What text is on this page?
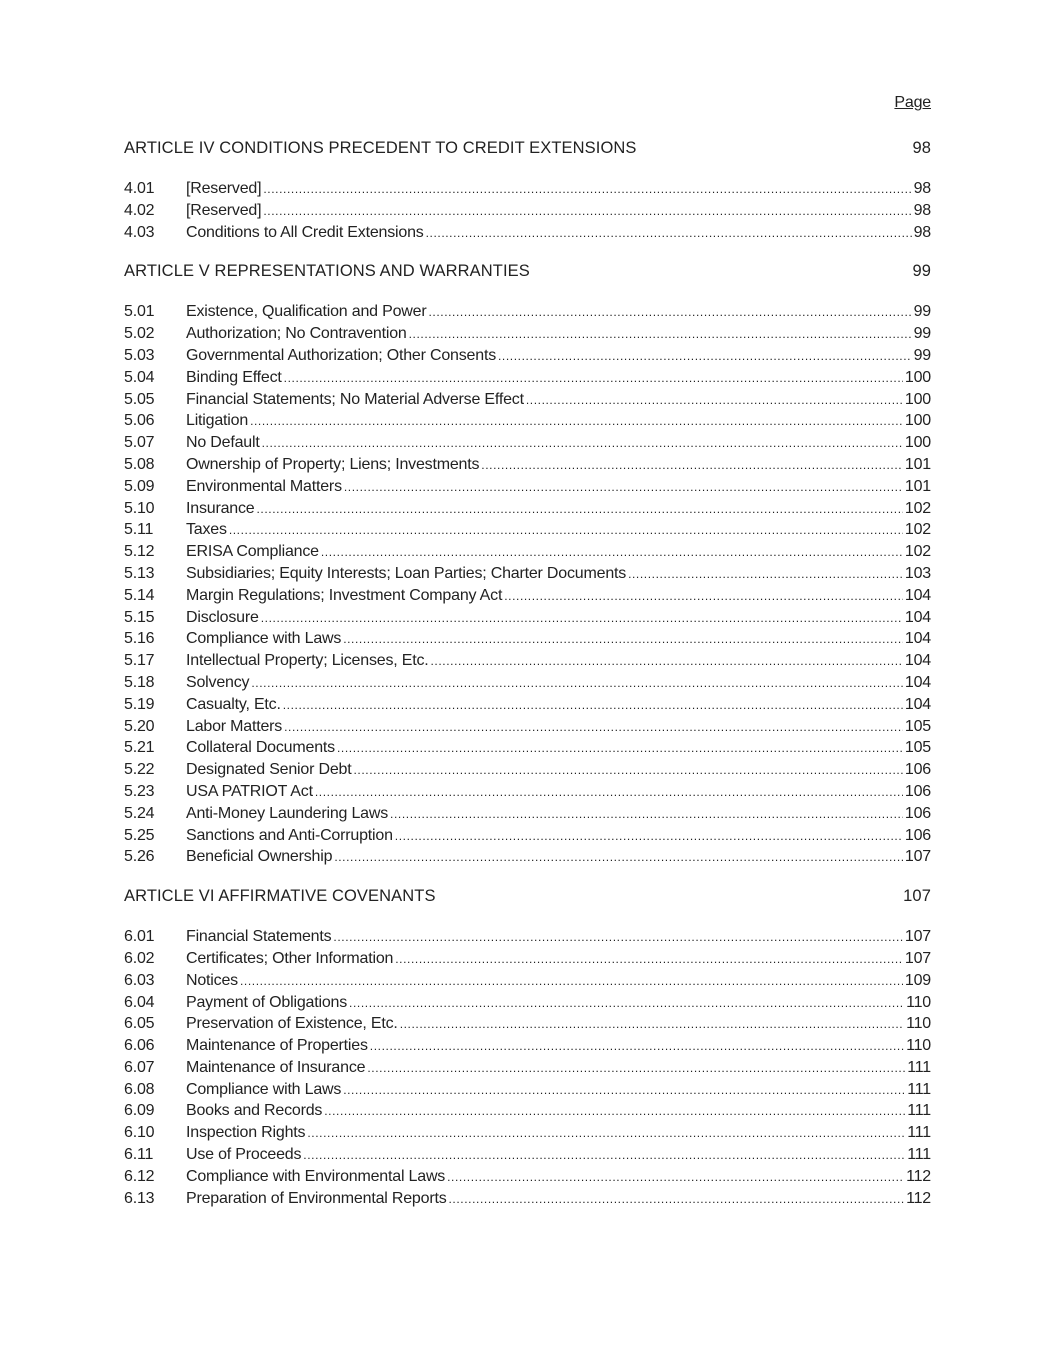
Page
ARTICLE IV CONDITIONS PRECEDENT TO CREDIT EXTENSIONS	98
4.01	[Reserved] .....	98
4.02	[Reserved] .....	98
4.03	Conditions to All Credit Extensions .....	98
ARTICLE V REPRESENTATIONS AND WARRANTIES	99
5.01	Existence, Qualification and Power .....	99
5.02	Authorization; No Contravention .....	99
5.03	Governmental Authorization; Other Consents .....	99
5.04	Binding Effect .....	100
5.05	Financial Statements; No Material Adverse Effect .....	100
5.06	Litigation .....	100
5.07	No Default .....	100
5.08	Ownership of Property; Liens; Investments .....	101
5.09	Environmental Matters .....	101
5.10	Insurance .....	102
5.11	Taxes .....	102
5.12	ERISA Compliance .....	102
5.13	Subsidiaries; Equity Interests; Loan Parties; Charter Documents .....	103
5.14	Margin Regulations; Investment Company Act .....	104
5.15	Disclosure .....	104
5.16	Compliance with Laws .....	104
5.17	Intellectual Property; Licenses, Etc. .....	104
5.18	Solvency .....	104
5.19	Casualty, Etc. .....	104
5.20	Labor Matters .....	105
5.21	Collateral Documents .....	105
5.22	Designated Senior Debt .....	106
5.23	USA PATRIOT Act .....	106
5.24	Anti-Money Laundering Laws .....	106
5.25	Sanctions and Anti-Corruption .....	106
5.26	Beneficial Ownership .....	107
ARTICLE VI AFFIRMATIVE COVENANTS	107
6.01	Financial Statements .....	107
6.02	Certificates; Other Information .....	107
6.03	Notices .....	109
6.04	Payment of Obligations .....	110
6.05	Preservation of Existence, Etc. .....	110
6.06	Maintenance of Properties .....	110
6.07	Maintenance of Insurance .....	111
6.08	Compliance with Laws .....	111
6.09	Books and Records .....	111
6.10	Inspection Rights .....	111
6.11	Use of Proceeds .....	111
6.12	Compliance with Environmental Laws .....	112
6.13	Preparation of Environmental Reports .....	112
